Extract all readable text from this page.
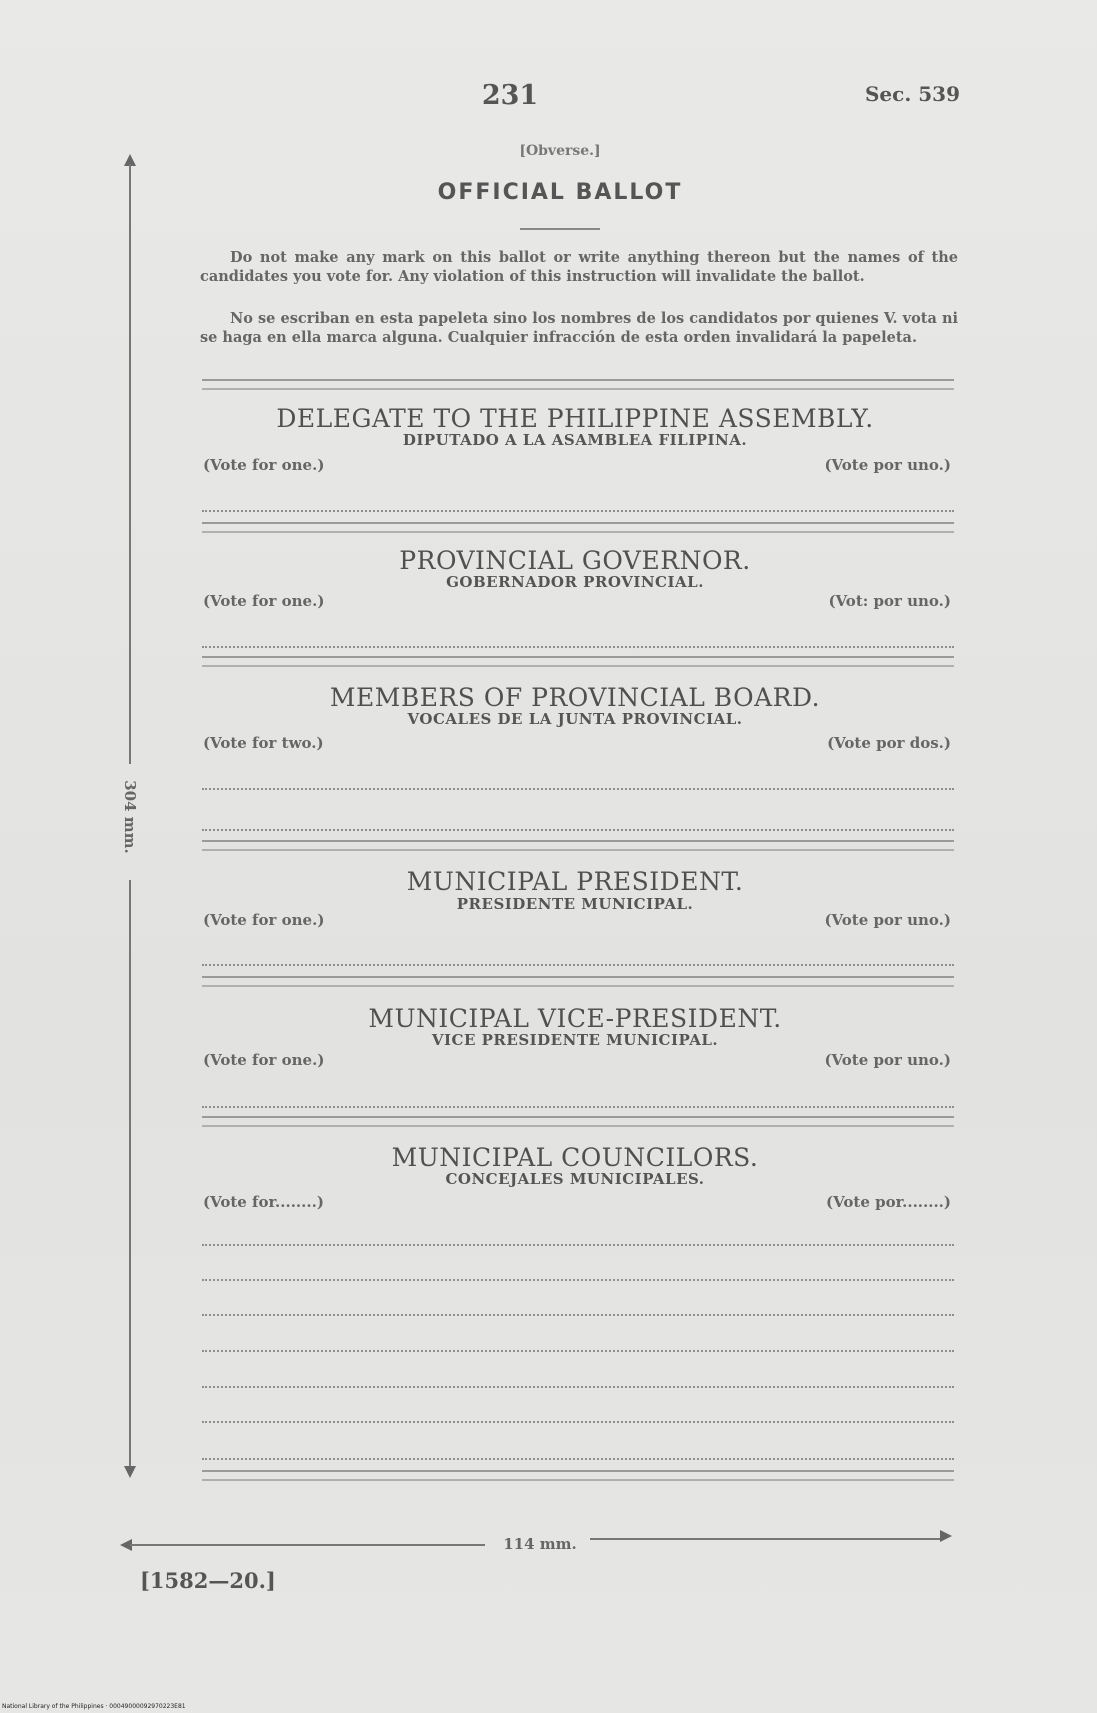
231	Sec. 539
[Obverse.]
OFFICIAL BALLOT
Do not make any mark on this ballot or write anything thereon but the names of the candidates you vote for. Any violation of this instruction will invalidate the ballot.
No se escriban en esta papeleta sino los nombres de los candidatos por quienes V. vota ni se haga en ella marca alguna. Cualquier infracción de esta orden invalidará la papeleta.
DELEGATE TO THE PHILIPPINE ASSEMBLY.
DIPUTADO A LA ASAMBLEA FILIPINA.
(Vote for one.)	(Vote por uno.)
PROVINCIAL GOVERNOR.
GOBERNADOR PROVINCIAL.
(Vote for one.)	(Vot: por uno.)
MEMBERS OF PROVINCIAL BOARD.
VOCALES DE LA JUNTA PROVINCIAL.
(Vote for two.)	(Vote por dos.)
MUNICIPAL PRESIDENT.
PRESIDENTE MUNICIPAL.
(Vote for one.)	(Vote por uno.)
MUNICIPAL VICE-PRESIDENT.
VICE PRESIDENTE MUNICIPAL.
(Vote for one.)	(Vote por uno.)
MUNICIPAL COUNCILORS.
CONCEJALES MUNICIPALES.
(Vote for........)	(Vote por........)
304 mm.
114 mm.
[1582—20.]
National Library of the Philippines · 00049000092970223E81
